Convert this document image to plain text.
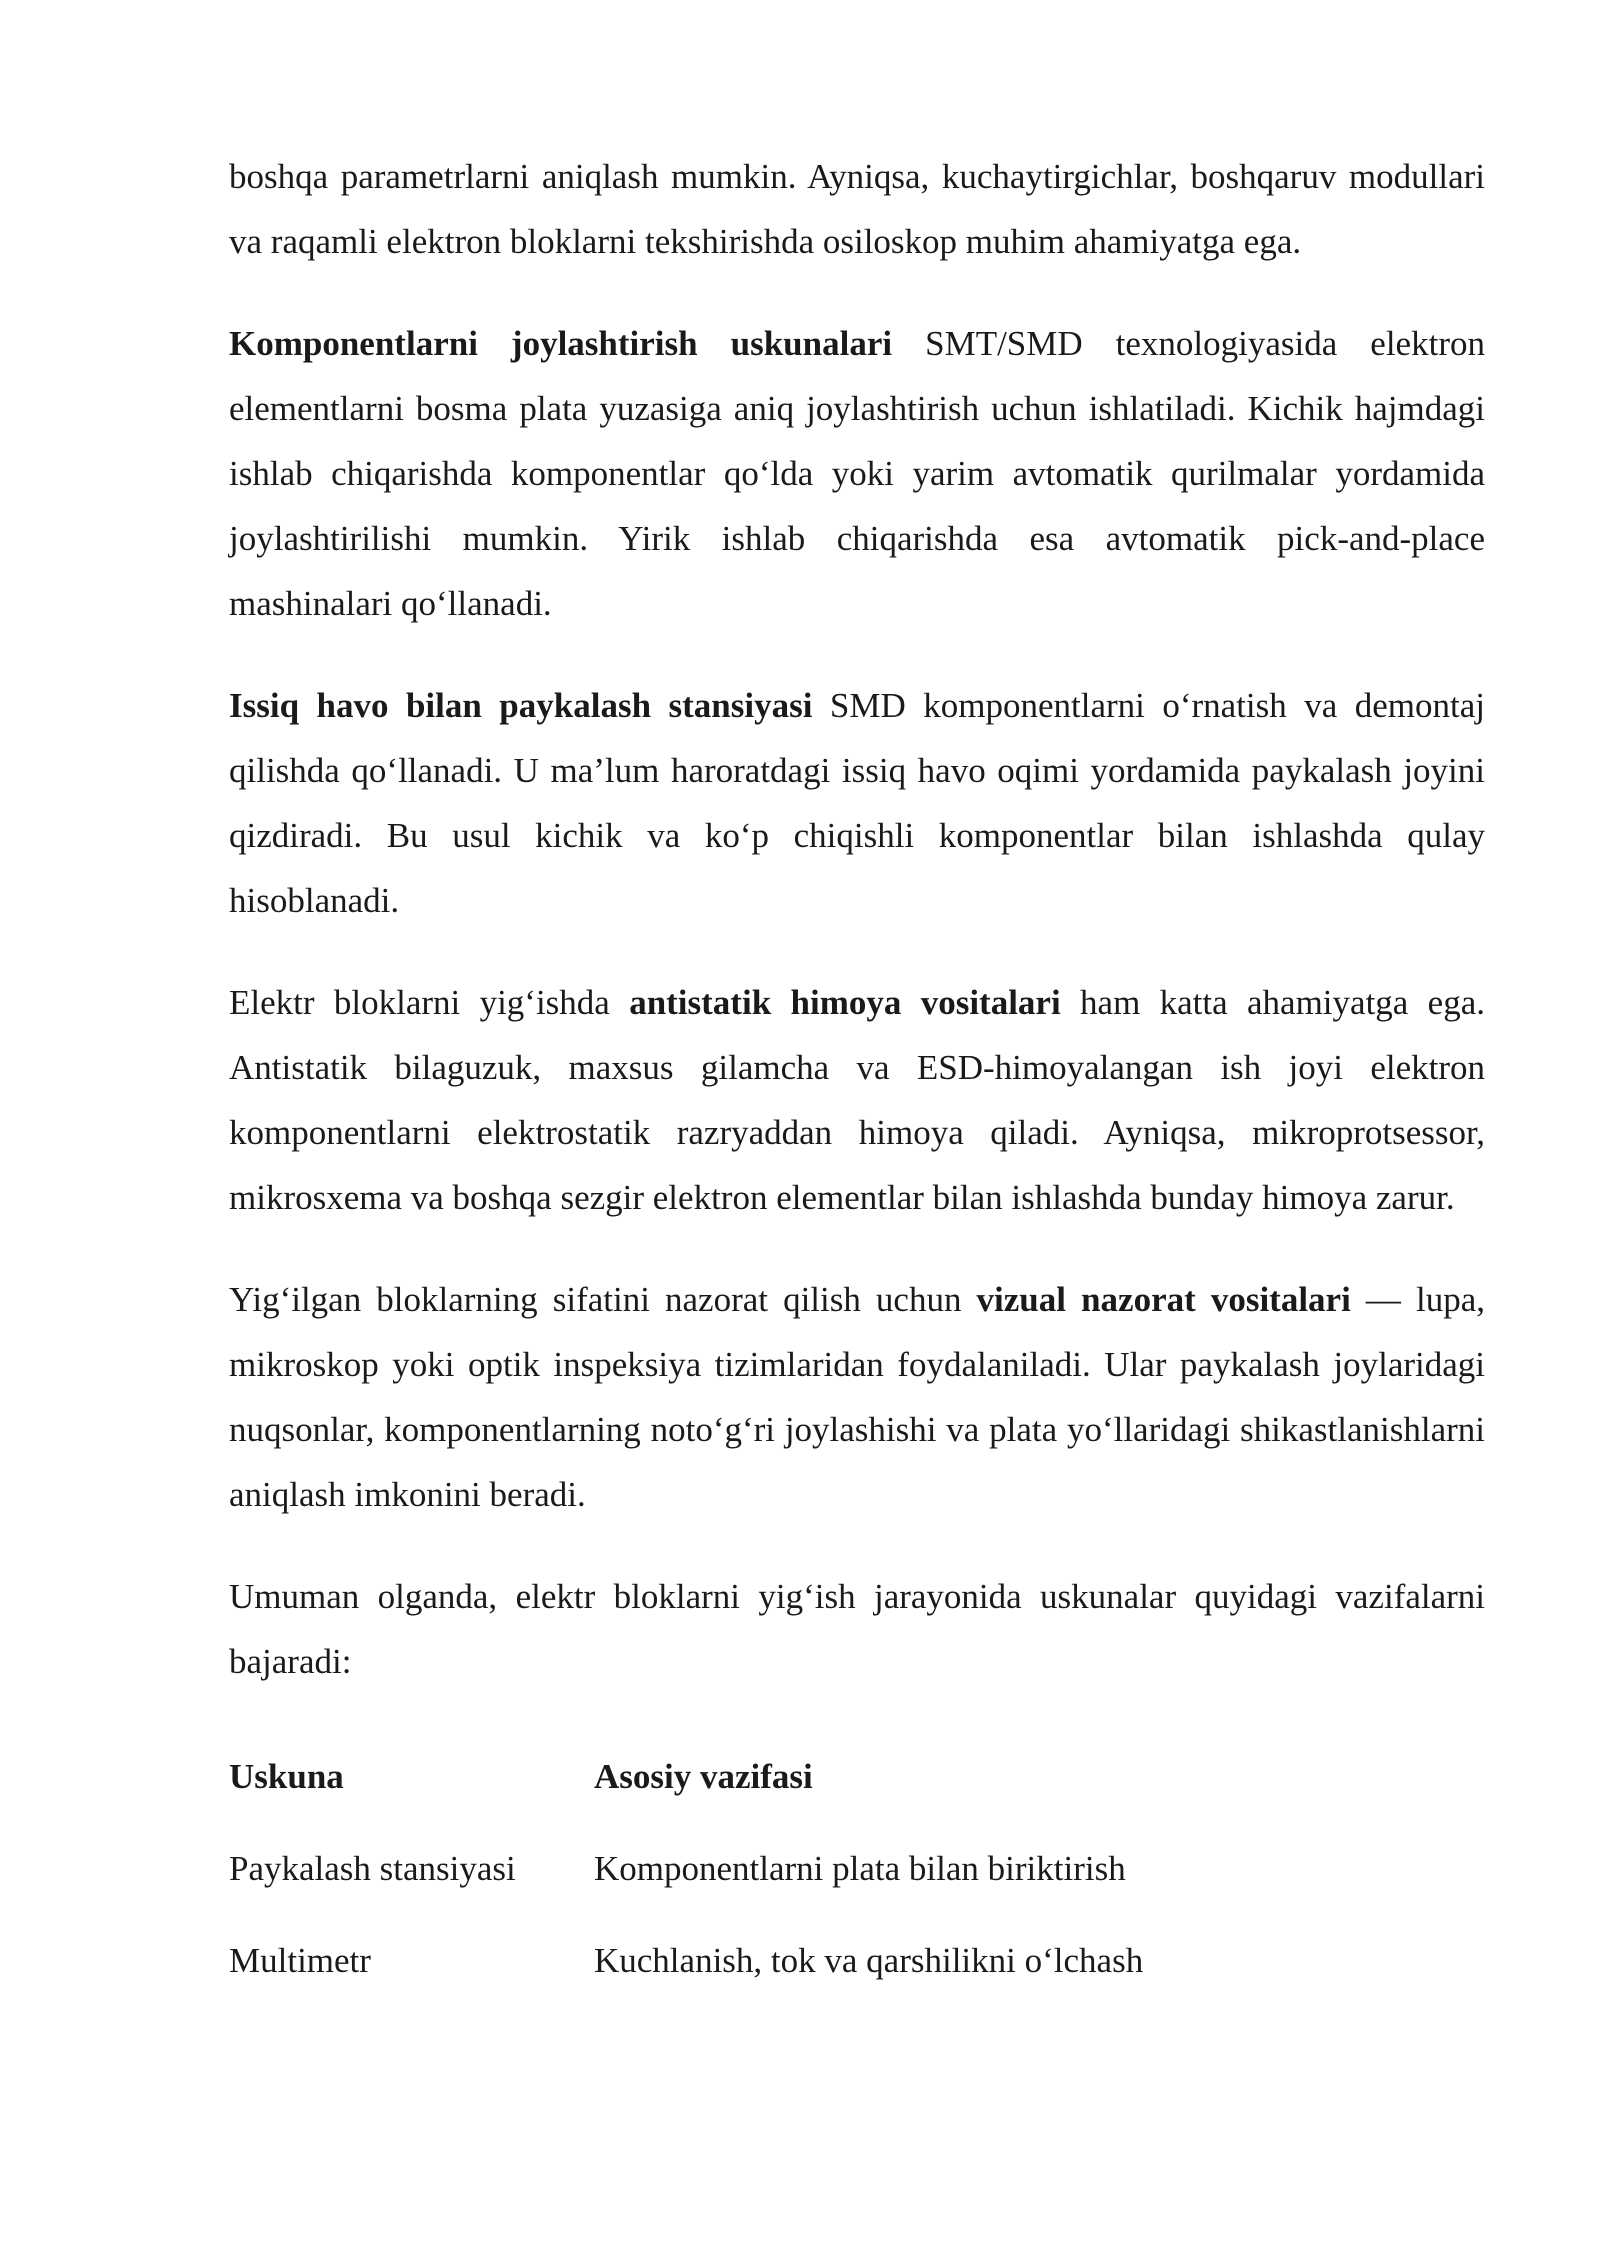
boshqa parametrlarni aniqlash mumkin. Ayniqsa, kuchaytirgichlar, boshqaruv modullari va raqamli elektron bloklarni tekshirishda osiloskop muhim ahamiyatga ega.

Komponentlarni joylashtirish uskunalari SMT/SMD texnologiyasida elektron elementlarni bosma plata yuzasiga aniq joylashtirish uchun ishlatiladi. Kichik hajmdagi ishlab chiqarishda komponentlar qo‘lda yoki yarim avtomatik qurilmalar yordamida joylashtirilishi mumkin. Yirik ishlab chiqarishda esa avtomatik pick-and-place mashinalari qo‘llanadi.

Issiq havo bilan paykalash stansiyasi SMD komponentlarni o‘rnatish va demontaj qilishda qo‘llanadi. U ma’lum haroratdagi issiq havo oqimi yordamida paykalash joyini qizdiradi. Bu usul kichik va ko‘p chiqishli komponentlar bilan ishlashda qulay hisoblanadi.

Elektr bloklarni yig‘ishda antistatik himoya vositalari ham katta ahamiyatga ega. Antistatik bilaguzuk, maxsus gilamcha va ESD-himoyalangan ish joyi elektron komponentlarni elektrostatik razryaddan himoya qiladi. Ayniqsa, mikroprotsessor, mikrosxema va boshqa sezgir elektron elementlar bilan ishlashda bunday himoya zarur.

Yig‘ilgan bloklarning sifatini nazorat qilish uchun vizual nazorat vositalari — lupa, mikroskop yoki optik inspeksiya tizimlaridan foydalaniladi. Ular paykalash joylaridagi nuqsonlar, komponentlarning noto‘g‘ri joylashishi va plata yo‘llaridagi shikastlanishlarni aniqlash imkonini beradi.

Umuman olganda, elektr bloklarni yig‘ish jarayonida uskunalar quyidagi vazifalarni bajaradi:

Uskuna	Asosiy vazifasi
Paykalash stansiyasi	Komponentlarni plata bilan biriktirish
Multimetr	Kuchlanish, tok va qarshilikni o‘lchash
